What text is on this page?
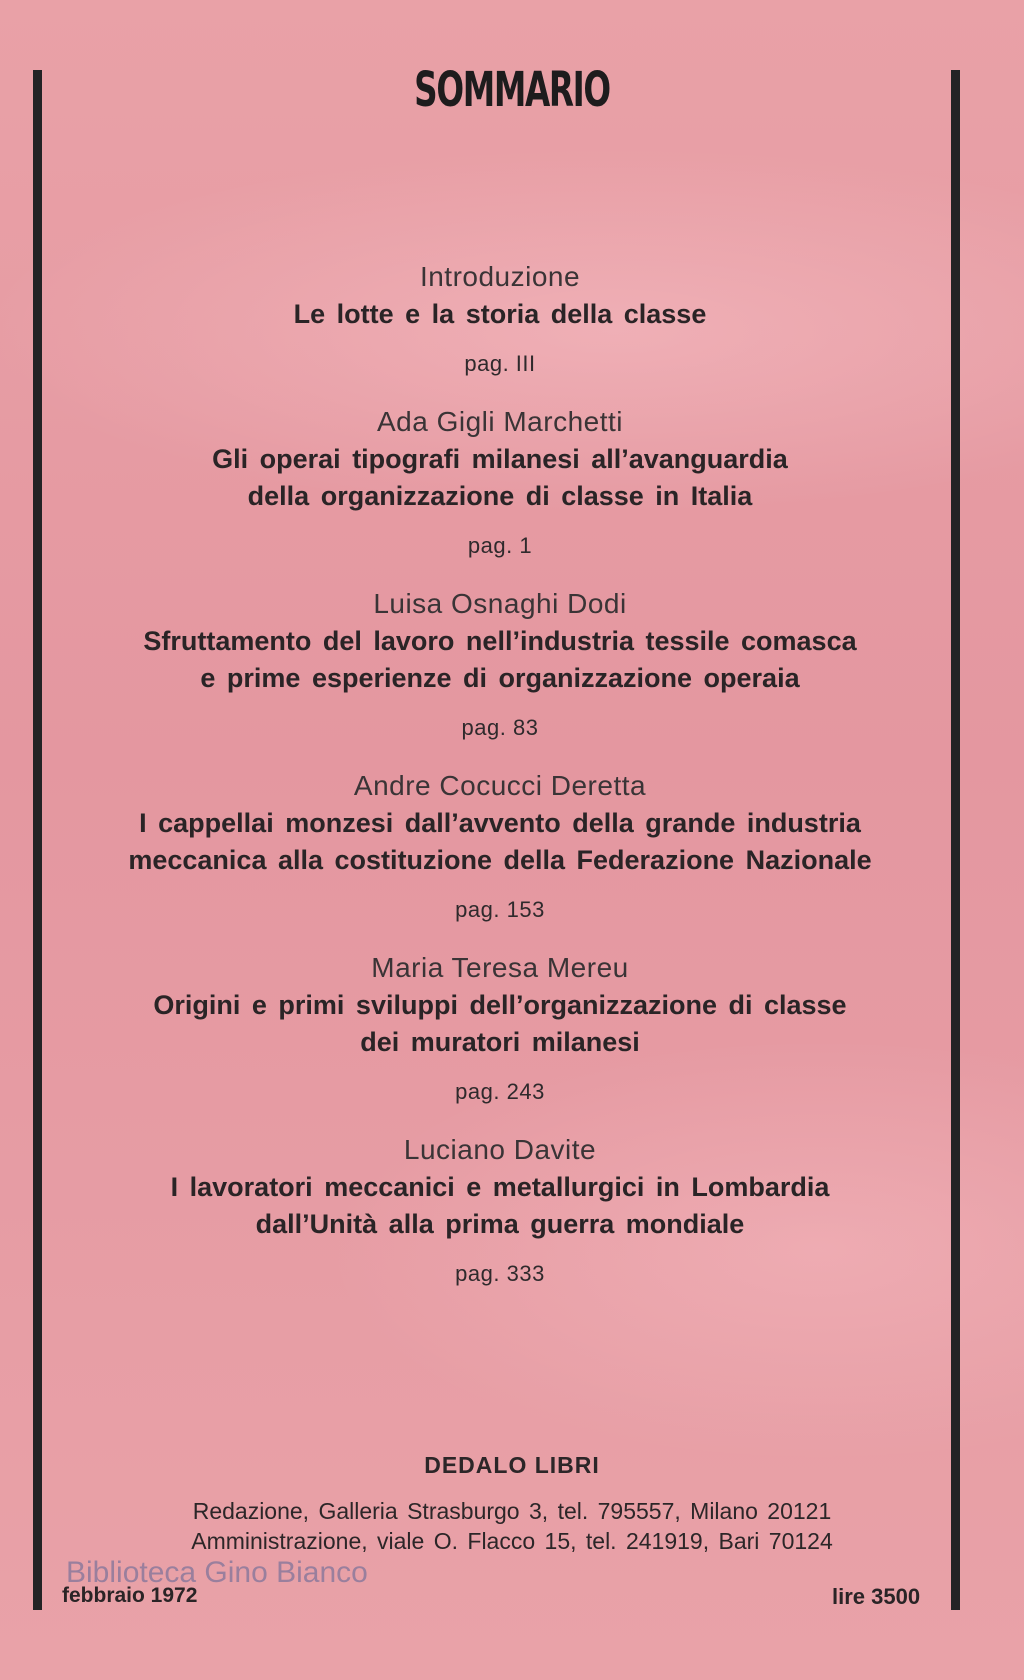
SOMMARIO
Introduzione
Le lotte e la storia della classe
pag. III
Ada Gigli Marchetti
Gli operai tipografi milanesi all’avanguardia
della organizzazione di classe in Italia
pag. 1
Luisa Osnaghi Dodi
Sfruttamento del lavoro nell’industria tessile comasca
e prime esperienze di organizzazione operaia
pag. 83
Andre Cocucci Deretta
I cappellai monzesi dall’avvento della grande industria
meccanica alla costituzione della Federazione Nazionale
pag. 153
Maria Teresa Mereu
Origini e primi sviluppi dell’organizzazione di classe
dei muratori milanesi
pag. 243
Luciano Davite
I lavoratori meccanici e metallurgici in Lombardia
dall’Unità alla prima guerra mondiale
pag. 333
DEDALO LIBRI
Redazione, Galleria Strasburgo 3, tel. 795557, Milano 20121
Amministrazione, viale O. Flacco 15, tel. 241919, Bari 70124
febbraio 1972	lire 3500
Biblioteca Gino Bianco
